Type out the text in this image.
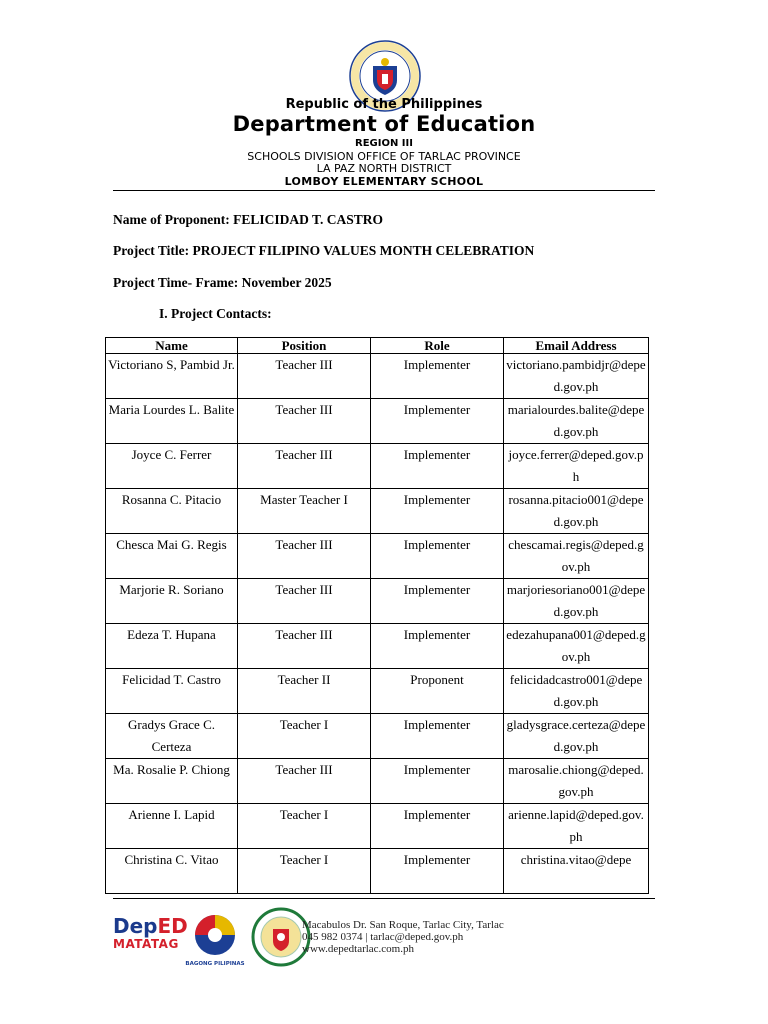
Republic of the Philippines
Department of Education
REGION III
SCHOOLS DIVISION OFFICE OF TARLAC PROVINCE
LA PAZ NORTH DISTRICT
LOMBOY ELEMENTARY SCHOOL
Name of Proponent: FELICIDAD T. CASTRO
Project Title: PROJECT FILIPINO VALUES MONTH CELEBRATION
Project Time- Frame: November 2025
I. Project Contacts:
Name	Position	Role	Email Address
Victoriano S, Pambid Jr.	Teacher III	Implementer	victoriano.pambidjr@deped.gov.ph
Maria Lourdes L. Balite	Teacher III	Implementer	marialourdes.balite@deped.gov.ph
Joyce C. Ferrer	Teacher III	Implementer	joyce.ferrer@deped.gov.ph
Rosanna C. Pitacio	Master Teacher I	Implementer	rosanna.pitacio001@deped.gov.ph
Chesca Mai G. Regis	Teacher III	Implementer	chescamai.regis@deped.gov.ph
Marjorie R. Soriano	Teacher III	Implementer	marjoriesoriano001@deped.gov.ph
Edeza T. Hupana	Teacher III	Implementer	edezahupana001@deped.gov.ph
Felicidad T. Castro	Teacher II	Proponent	felicidadcastro001@deped.gov.ph
Gradys Grace C. Certeza	Teacher I	Implementer	gladysgrace.certeza@deped.gov.ph
Ma. Rosalie P. Chiong	Teacher III	Implementer	marosalie.chiong@deped.gov.ph
Arienne I. Lapid	Teacher I	Implementer	arienne.lapid@deped.gov.ph
Christina C. Vitao	Teacher I	Implementer	christina.vitao@depe
DepED
MATATAG
BAGONG PILIPINAS
Macabulos Dr. San Roque, Tarlac City, Tarlac
045 982 0374 | tarlac@deped.gov.ph
www.depedtarlac.com.ph
